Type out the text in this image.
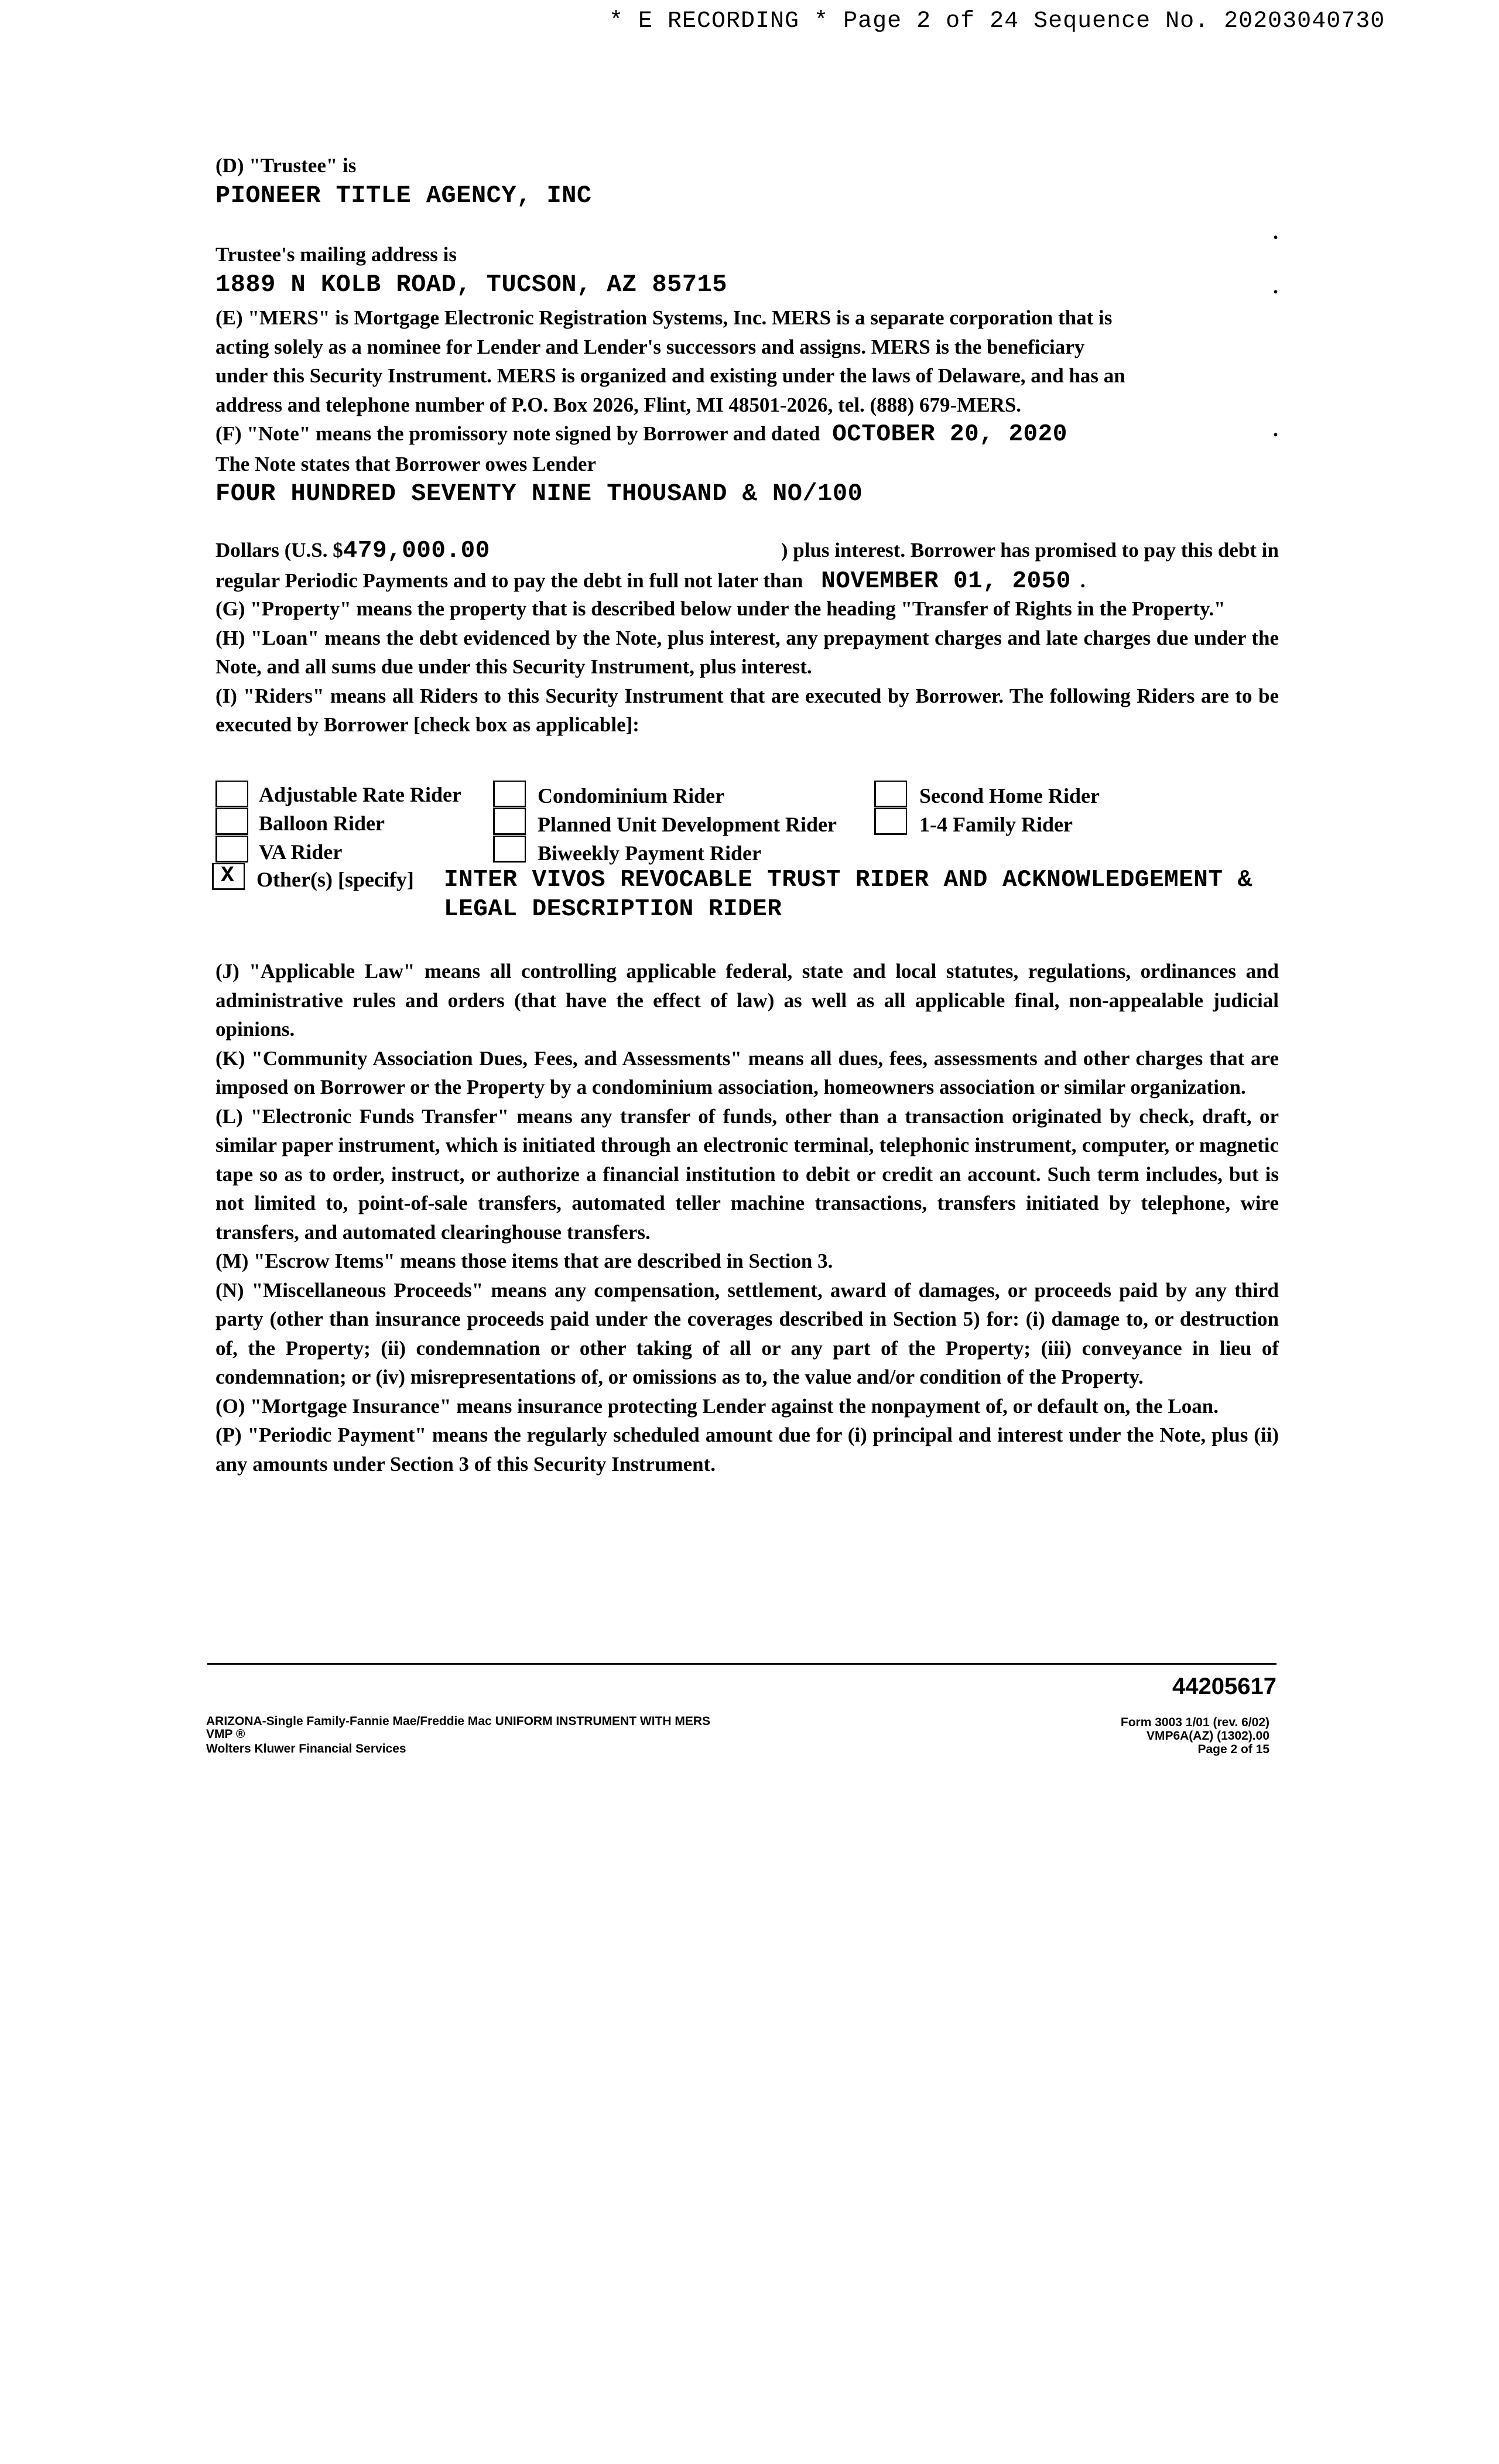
* E RECORDING * Page 2 of 24 Sequence No. 20203040730
(D) "Trustee" is
PIONEER TITLE AGENCY, INC
.
Trustee's mailing address is
1889 N KOLB ROAD, TUCSON, AZ 85715	.
(E) "MERS" is Mortgage Electronic Registration Systems, Inc. MERS is a separate corporation that is
acting solely as a nominee for Lender and Lender's successors and assigns. MERS is the beneficiary
under this Security Instrument. MERS is organized and existing under the laws of Delaware, and has an
address and telephone number of P.O. Box 2026, Flint, MI 48501-2026, tel. (888) 679-MERS.
(F) "Note" means the promissory note signed by Borrower and dated OCTOBER 20, 2020
The Note states that Borrower owes Lender
FOUR HUNDRED SEVENTY NINE THOUSAND & NO/100
.
Dollars (U.S. $479,000.00
regular Periodic Payments and to pay the debt in full not later than NOVEMBER 01, 2050 .
) plus interest. Borrower has promised to pay this debt in

(G) "Property" means the property that is described below under the heading "Transfer of Rights in the Property."

(H) "Loan" means the debt evidenced by the Note, plus interest, any prepayment charges and late charges due under the Note, and all sums due under this Security Instrument, plus interest.

(I) "Riders" means all Riders to this Security Instrument that are executed by Borrower. The following Riders are to be executed by Borrower [check box as applicable]:

Adjustable Rate Rider	Condominium Rider	Second Home Rider
Balloon Rider	Planned Unit Development Rider	1-4 Family Rider
VA Rider	Biweekly Payment Rider
X Other(s) [specify] INTER VIVOS REVOCABLE TRUST RIDER AND ACKNOWLEDGEMENT &
LEGAL DESCRIPTION RIDER

(J) "Applicable Law" means all controlling applicable federal, state and local statutes, regulations, ordinances and administrative rules and orders (that have the effect of law) as well as all applicable final, non-appealable judicial opinions.

(K) "Community Association Dues, Fees, and Assessments" means all dues, fees, assessments and other charges that are imposed on Borrower or the Property by a condominium association, homeowners association or similar organization.

(L) "Electronic Funds Transfer" means any transfer of funds, other than a transaction originated by check, draft, or similar paper instrument, which is initiated through an electronic terminal, telephonic instrument, computer, or magnetic tape so as to order, instruct, or authorize a financial institution to debit or credit an account. Such term includes, but is not limited to, point-of-sale transfers, automated teller machine transactions, transfers initiated by telephone, wire transfers, and automated clearinghouse transfers.

(M) "Escrow Items" means those items that are described in Section 3.

(N) "Miscellaneous Proceeds" means any compensation, settlement, award of damages, or proceeds paid by any third party (other than insurance proceeds paid under the coverages described in Section 5) for: (i) damage to, or destruction of, the Property; (ii) condemnation or other taking of all or any part of the Property; (iii) conveyance in lieu of condemnation; or (iv) misrepresentations of, or omissions as to, the value and/or condition of the Property.

(O) "Mortgage Insurance" means insurance protecting Lender against the nonpayment of, or default on, the Loan.

(P) "Periodic Payment" means the regularly scheduled amount due for (i) principal and interest under the Note, plus (ii) any amounts under Section 3 of this Security Instrument.

44205617
ARIZONA-Single Family-Fannie Mae/Freddie Mac UNIFORM INSTRUMENT WITH MERS
VMP ®
Wolters Kluwer Financial Services
Form 3003 1/01 (rev. 6/02)
VMP6A(AZ) (1302).00
Page 2 of 15
